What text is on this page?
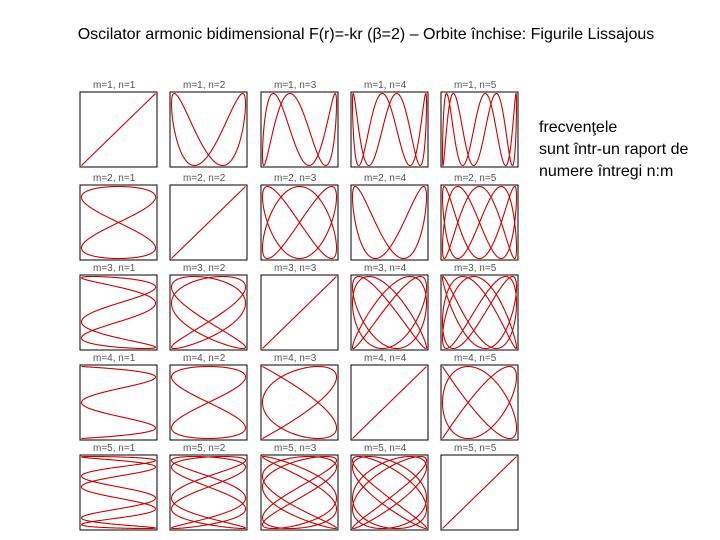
Oscilator armonic bidimensional F(r)=-kr (β=2) – Orbite închise: Figurile Lissajous
frecvenţele
sunt într-un raport de
numere întregi n:m
m=1, n=1	m=1, n=2	m=1, n=3	m=1, n=4	m=1, n=5
m=2, n=1	m=2, n=2	m=2, n=3	m=2, n=4	m=2, n=5
m=3, n=1	m=3, n=2	m=3, n=3	m=3, n=4	m=3, n=5
m=4, n=1	m=4, n=2	m=4, n=3	m=4, n=4	m=4, n=5
m=5, n=1	m=5, n=2	m=5, n=3	m=5, n=4	m=5, n=5
